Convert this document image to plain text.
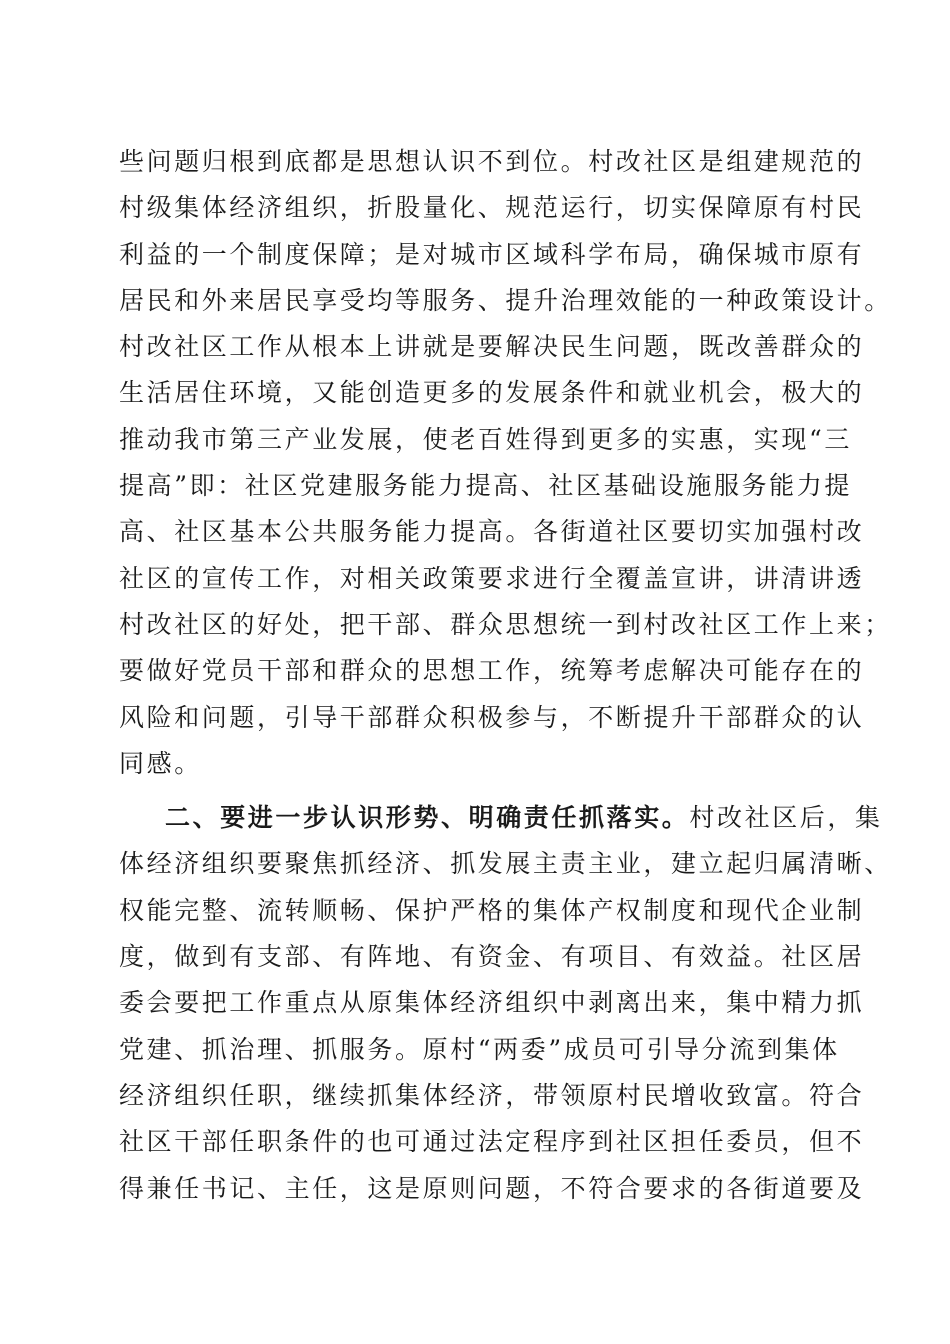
些问题归根到底都是思想认识不到位。村改社区是组建规范的
村级集体经济组织，折股量化、规范运行，切实保障原有村民
利益的一个制度保障；是对城市区域科学布局，确保城市原有
居民和外来居民享受均等服务、提升治理效能的一种政策设计。
村改社区工作从根本上讲就是要解决民生问题，既改善群众的
生活居住环境，又能创造更多的发展条件和就业机会，极大的
推动我市第三产业发展，使老百姓得到更多的实惠，实现“三
提高”即：社区党建服务能力提高、社区基础设施服务能力提
高、社区基本公共服务能力提高。各街道社区要切实加强村改
社区的宣传工作，对相关政策要求进行全覆盖宣讲，讲清讲透
村改社区的好处，把干部、群众思想统一到村改社区工作上来；
要做好党员干部和群众的思想工作，统筹考虑解决可能存在的
风险和问题，引导干部群众积极参与，不断提升干部群众的认
同感。
二、要进一步认识形势、明确责任抓落实。村改社区后，集
体经济组织要聚焦抓经济、抓发展主责主业，建立起归属清晰、
权能完整、流转顺畅、保护严格的集体产权制度和现代企业制
度，做到有支部、有阵地、有资金、有项目、有效益。社区居
委会要把工作重点从原集体经济组织中剥离出来，集中精力抓
党建、抓治理、抓服务。原村“两委”成员可引导分流到集体
经济组织任职，继续抓集体经济，带领原村民增收致富。符合
社区干部任职条件的也可通过法定程序到社区担任委员，但不
得兼任书记、主任，这是原则问题，不符合要求的各街道要及
